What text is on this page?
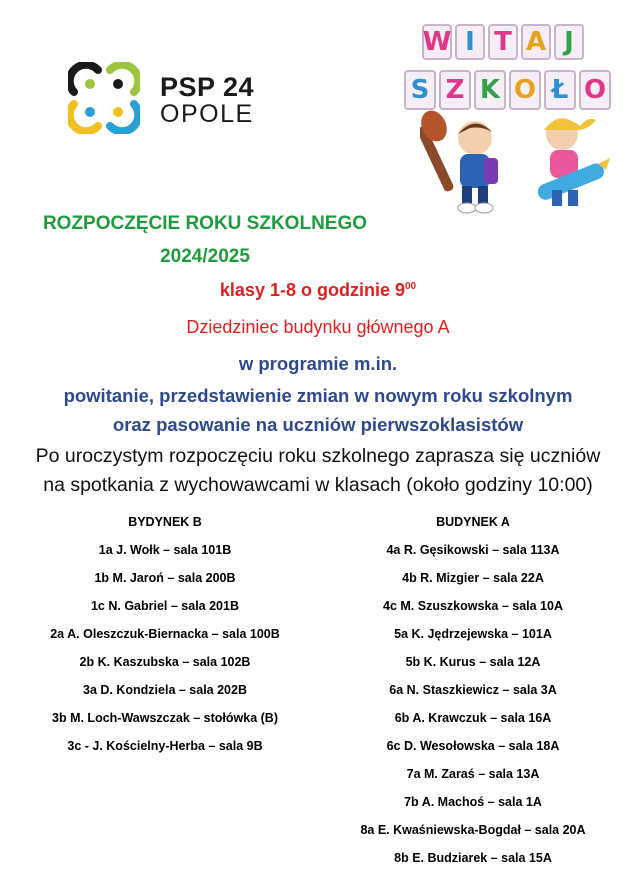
PSP 24
OPOLE
W I T A J
S Z K O Ł O
ROZPOCZĘCIE ROKU SZKOLNEGO
2024/2025
klasy 1-8 o godzinie $9^{00}$
Dziedziniec budynku głównego A
w programie m.in.
powitanie, przedstawienie zmian w nowym roku szkolnym
oraz pasowanie na uczniów pierwszoklasistów
Po uroczystym rozpoczęciu roku szkolnego zaprasza się uczniów
na spotkania z wychowawcami w klasach (około godziny 10:00)
BYDYNEK B
1a J. Wołk – sala 101B
1b M. Jaroń – sala 200B
1c N. Gabriel – sala 201B
2a A. Oleszczuk-Biernacka – sala 100B
2b K. Kaszubska – sala 102B
3a D. Kondziela – sala 202B
3b M. Loch-Wawszczak – stołówka (B)
3c - J. Kościelny-Herba – sala 9B
BUDYNEK A
4a R. Gęsikowski – sala 113A
4b R. Mizgier – sala 22A
4c M. Szuszkowska – sala 10A
5a K. Jędrzejewska – 101A
5b K. Kurus – sala 12A
6a N. Staszkiewicz – sala 3A
6b A. Krawczuk – sala 16A
6c D. Wesołowska – sala 18A
7a M. Zaraś – sala 13A
7b A. Machoś – sala 1A
8a E. Kwaśniewska-Bogdał – sala 20A
8b E. Budziarek – sala 15A
